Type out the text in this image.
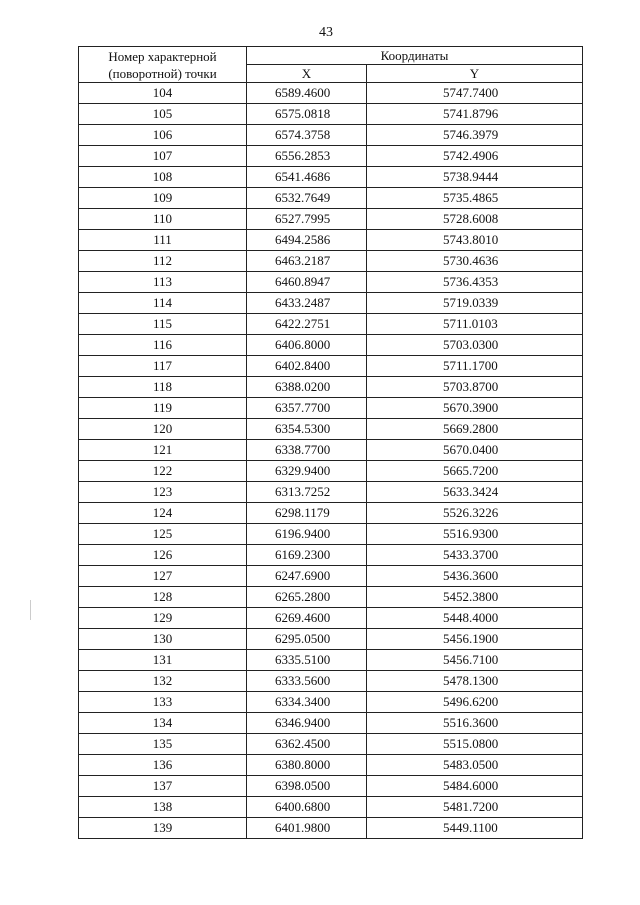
43
Номер характерной (поворотной) точки	Координаты	
	X	Y
104	6589.4600	5747.7400
105	6575.0818	5741.8796
106	6574.3758	5746.3979
107	6556.2853	5742.4906
108	6541.4686	5738.9444
109	6532.7649	5735.4865
110	6527.7995	5728.6008
111	6494.2586	5743.8010
112	6463.2187	5730.4636
113	6460.8947	5736.4353
114	6433.2487	5719.0339
115	6422.2751	5711.0103
116	6406.8000	5703.0300
117	6402.8400	5711.1700
118	6388.0200	5703.8700
119	6357.7700	5670.3900
120	6354.5300	5669.2800
121	6338.7700	5670.0400
122	6329.9400	5665.7200
123	6313.7252	5633.3424
124	6298.1179	5526.3226
125	6196.9400	5516.9300
126	6169.2300	5433.3700
127	6247.6900	5436.3600
128	6265.2800	5452.3800
129	6269.4600	5448.4000
130	6295.0500	5456.1900
131	6335.5100	5456.7100
132	6333.5600	5478.1300
133	6334.3400	5496.6200
134	6346.9400	5516.3600
135	6362.4500	5515.0800
136	6380.8000	5483.0500
137	6398.0500	5484.6000
138	6400.6800	5481.7200
139	6401.9800	5449.1100
